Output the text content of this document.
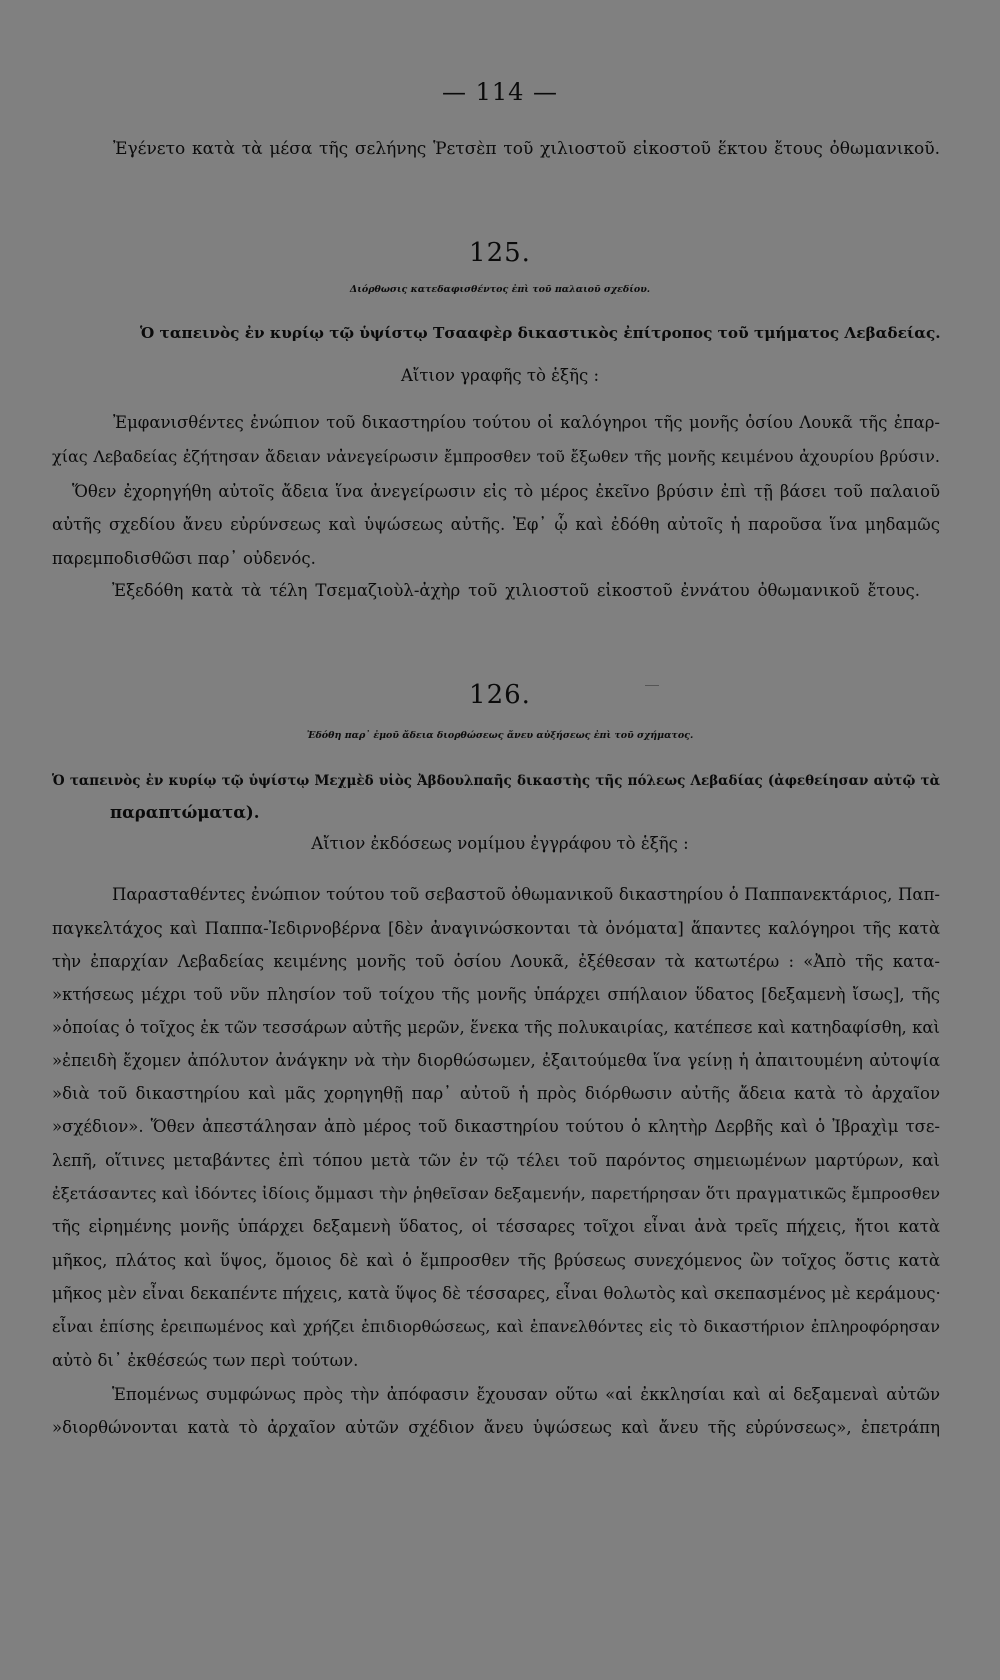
— 114 —
Ἐγένετο κατὰ τὰ μέσα τῆς σελήνης Ῥετσὲπ τοῦ χιλιοστοῦ εἰκοστοῦ ἕκτου ἔτους ὀθωμανικοῦ.
125.
Διόρθωσις κατεδαφισθέντος ἐπὶ τοῦ παλαιοῦ σχεδίου.
Ὁ ταπεινὸς ἐν κυρίῳ τῷ ὑψίστῳ Τσααφὲρ δικαστικὸς ἐπίτροπος τοῦ τμήματος Λεβαδείας.
Αἴτιον γραφῆς τὸ ἑξῆς :
Ἐμφανισθέντες ἐνώπιον τοῦ δικαστηρίου τούτου οἱ καλόγηροι τῆς μονῆς ὁσίου Λουκᾶ τῆς ἐπαρ-
χίας Λεβαδείας ἐζήτησαν ἄδειαν νἀνεγείρωσιν ἔμπροσθεν τοῦ ἔξωθεν τῆς μονῆς κειμένου ἀχουρίου βρύσιν.
Ὅθεν ἐχορηγήθη αὐτοῖς ἄδεια ἵνα ἀνεγείρωσιν εἰς τὸ μέρος ἐκεῖνο βρύσιν ἐπὶ τῇ βάσει τοῦ παλαιοῦ
αὐτῆς σχεδίου ἄνευ εὐρύνσεως καὶ ὑψώσεως αὐτῆς. Ἐφ᾽ ᾧ καὶ ἐδόθη αὐτοῖς ἡ παροῦσα ἵνα μηδαμῶς
παρεμποδισθῶσι παρ᾽ οὐδενός.
Ἐξεδόθη κατὰ τὰ τέλη Τσεμαζιοὺλ-ἀχὴρ τοῦ χιλιοστοῦ εἰκοστοῦ ἐννάτου ὀθωμανικοῦ ἔτους.
126.
Ἐδόθη παρ᾽ ἐμοῦ ἄδεια διορθώσεως ἄνευ αὐξήσεως ἐπὶ τοῦ σχήματος.
Ὁ ταπεινὸς ἐν κυρίῳ τῷ ὑψίστῳ Μεχμὲδ υἱὸς Ἀβδουλπαῆς δικαστὴς τῆς πόλεως Λεβαδίας (ἀφεθείησαν αὐτῷ τὰ
παραπτώματα).
Αἴτιον ἐκδόσεως νομίμου ἐγγράφου τὸ ἑξῆς :
Παρασταθέντες ἐνώπιον τούτου τοῦ σεβαστοῦ ὀθωμανικοῦ δικαστηρίου ὁ Παππανεκτάριος, Παπ-
παγκελτάχος καὶ Παππα-Ἰεδιρνοβέρνα [δὲν ἀναγινώσκονται τὰ ὀνόματα] ἅπαντες καλόγηροι τῆς κατὰ
τὴν ἐπαρχίαν Λεβαδείας κειμένης μονῆς τοῦ ὁσίου Λουκᾶ, ἐξέθεσαν τὰ κατωτέρω : «Ἀπὸ τῆς κατα-
»κτήσεως μέχρι τοῦ νῦν πλησίον τοῦ τοίχου τῆς μονῆς ὑπάρχει σπήλαιον ὕδατος [δεξαμενὴ ἴσως], τῆς
»ὁποίας ὁ τοῖχος ἐκ τῶν τεσσάρων αὐτῆς μερῶν, ἕνεκα τῆς πολυκαιρίας, κατέπεσε καὶ κατηδαφίσθη, καὶ
»ἐπειδὴ ἔχομεν ἀπόλυτον ἀνάγκην νὰ τὴν διορθώσωμεν, ἐξαιτούμεθα ἵνα γείνῃ ἡ ἀπαιτουμένη αὐτοψία
»διὰ τοῦ δικαστηρίου καὶ μᾶς χορηγηθῇ παρ᾽ αὐτοῦ ἡ πρὸς διόρθωσιν αὐτῆς ἄδεια κατὰ τὸ ἀρχαῖον
»σχέδιον». Ὅθεν ἀπεστάλησαν ἀπὸ μέρος τοῦ δικαστηρίου τούτου ὁ κλητὴρ Δερβῆς καὶ ὁ Ἰβραχὶμ τσε-
λεπῆ, οἵτινες μεταβάντες ἐπὶ τόπου μετὰ τῶν ἐν τῷ τέλει τοῦ παρόντος σημειωμένων μαρτύρων, καὶ
ἐξετάσαντες καὶ ἰδόντες ἰδίοις ὄμμασι τὴν ῥηθεῖσαν δεξαμενήν, παρετήρησαν ὅτι πραγματικῶς ἔμπροσθεν
τῆς εἰρημένης μονῆς ὑπάρχει δεξαμενὴ ὕδατος, οἱ τέσσαρες τοῖχοι εἶναι ἀνὰ τρεῖς πήχεις, ἤτοι κατὰ
μῆκος, πλάτος καὶ ὕψος, ὅμοιος δὲ καὶ ὁ ἔμπροσθεν τῆς βρύσεως συνεχόμενος ὢν τοῖχος ὅστις κατὰ
μῆκος μὲν εἶναι δεκαπέντε πήχεις, κατὰ ὕψος δὲ τέσσαρες, εἶναι θολωτὸς καὶ σκεπασμένος μὲ κεράμους·
εἶναι ἐπίσης ἐρειπωμένος καὶ χρήζει ἐπιδιορθώσεως, καὶ ἐπανελθόντες εἰς τὸ δικαστήριον ἐπληροφόρησαν
αὐτὸ δι᾽ ἐκθέσεώς των περὶ τούτων.
Ἑπομένως συμφώνως πρὸς τὴν ἀπόφασιν ἔχουσαν οὕτω «αἱ ἐκκλησίαι καὶ αἱ δεξαμεναὶ αὐτῶν
»διορθώνονται κατὰ τὸ ἀρχαῖον αὐτῶν σχέδιον ἄνευ ὑψώσεως καὶ ἄνευ τῆς εὐρύνσεως», ἐπετράπη
